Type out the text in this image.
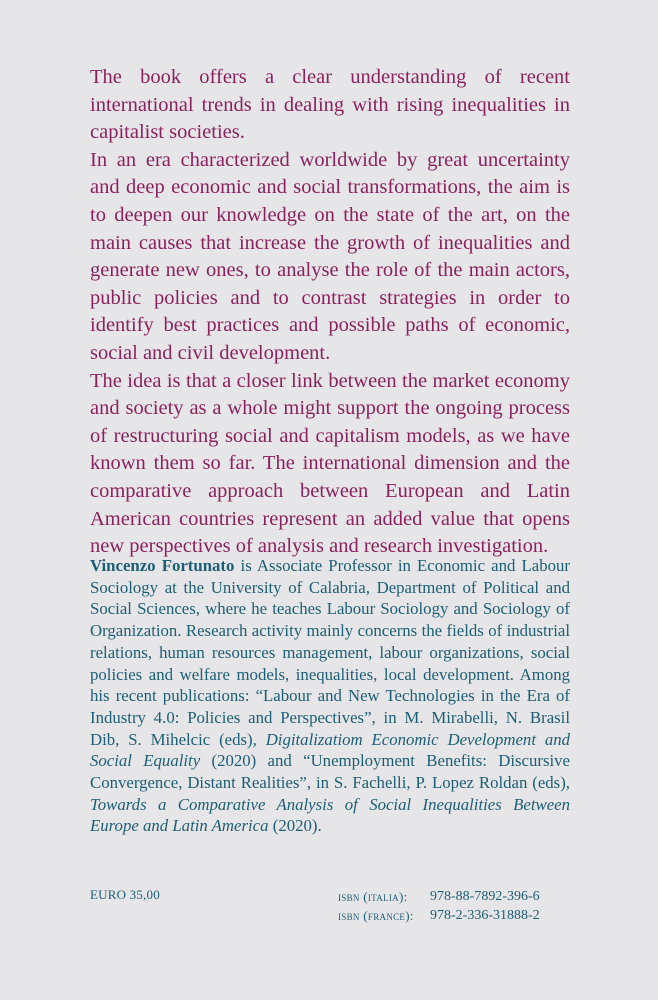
The book offers a clear understanding of recent international trends in dealing with rising inequalities in capitalist societies.

In an era characterized worldwide by great uncertainty and deep economic and social transformations, the aim is to deepen our knowledge on the state of the art, on the main causes that increase the growth of inequalities and generate new ones, to analyse the role of the main actors, public policies and to contrast strategies in order to identify best practices and possible paths of economic, social and civil development.

The idea is that a closer link between the market economy and society as a whole might support the ongoing process of restructuring social and capitalism models, as we have known them so far. The international dimension and the comparative approach between European and Latin American countries represent an added value that opens new perspectives of analysis and research investigation.

Vincenzo Fortunato is Associate Professor in Economic and Labour Sociology at the University of Calabria, Department of Political and Social Sciences, where he teaches Labour Sociology and Sociology of Organization. Research activity mainly concerns the fields of industrial relations, human resources management, labour organizations, social policies and welfare models, inequalities, local development. Among his recent publications: “Labour and New Technologies in the Era of Industry 4.0: Policies and Perspectives”, in M. Mirabelli, N. Brasil Dib, S. Mihelcic (eds), Digitalizatiom Economic Development and Social Equality (2020) and “Unemployment Benefits: Discursive Convergence, Distant Realities”, in S. Fachelli, P. Lopez Roldan (eds), Towards a Comparative Analysis of Social Inequalities Between Europe and Latin America (2020).

EURO 35,00	isbn (italia):	978-88-7892-396-6
isbn (france):	978-2-336-31888-2
